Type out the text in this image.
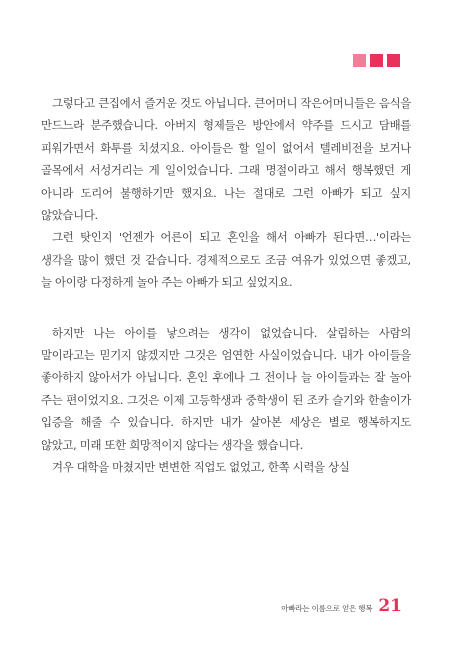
그렇다고 큰집에서 즐거운 것도 아닙니다. 큰어머니 작은어머니들은 음식을 만드느라 분주했습니다. 아버지 형제들은 방안에서 약주를 드시고 담배를 피워가면서 화투를 치셨지요. 아이들은 할 일이 없어서 텔레비전을 보거나 골목에서 서성거리는 게 일이었습니다. 그래 명절이라고 해서 행복했던 게 아니라 도리어 불행하기만 했지요. 나는 절대로 그런 아빠가 되고 싶지 않았습니다.

그런 탓인지 '언젠가 어른이 되고 혼인을 해서 아빠가 된다면…'이라는 생각을 많이 했던 것 같습니다. 경제적으로도 조금 여유가 있었으면 좋겠고, 늘 아이랑 다정하게 놀아 주는 아빠가 되고 싶었지요.

하지만 나는 아이를 낳으려는 생각이 없었습니다. 살림하는 사람의 말이라고는 믿기지 않겠지만 그것은 엄연한 사실이었습니다. 내가 아이들을 좋아하지 않아서가 아닙니다. 혼인 후에나 그 전이나 늘 아이들과는 잘 놀아 주는 편이었지요. 그것은 이제 고등학생과 중학생이 된 조카 슬기와 한솔이가 입증을 해줄 수 있습니다. 하지만 내가 살아본 세상은 별로 행복하지도 않았고, 미래 또한 희망적이지 않다는 생각을 했습니다.

겨우 대학을 마쳤지만 변변한 직업도 없었고, 한쪽 시력을 상실

아빠라는 이름으로 얻은 행복 21
